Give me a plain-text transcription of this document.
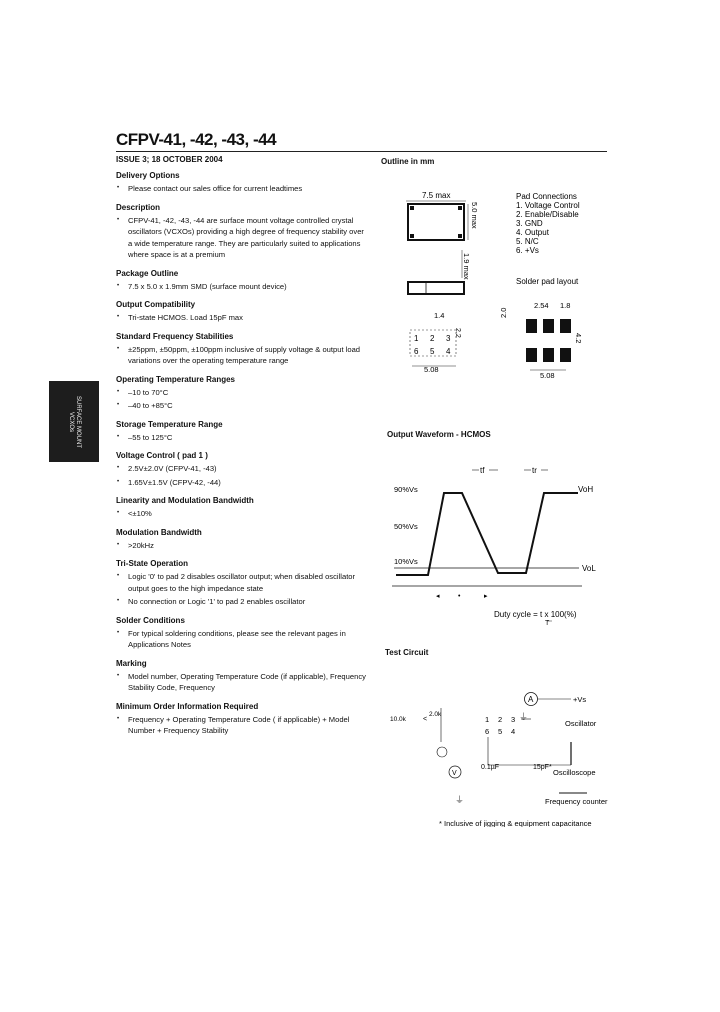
CFPV-41, -42, -43, -44
ISSUE 3; 18 OCTOBER 2004
SURFACE MOUNT
VCXOs
Delivery Options
• Please contact our sales office for current leadtimes
Description
• CFPV-41, -42, -43, -44 are surface mount voltage controlled crystal oscillators (VCXOs) providing a high degree of frequency stability over a wide temperature range. They are particularly suited to applications where space is at a premium
Package Outline
• 7.5 x 5.0 x 1.9mm SMD (surface mount device)
Output Compatibility
• Tri-state HCMOS. Load 15pF max
Standard Frequency Stabilities
• ±25ppm, ±50ppm, ±100ppm inclusive of supply voltage & output load variations over the operating temperature range
Operating Temperature Ranges
• –10 to 70°C
• –40 to +85°C
Storage Temperature Range
• –55 to 125°C
Voltage Control ( pad 1 )
• 2.5V±2.0V (CFPV-41, -43)
• 1.65V±1.5V (CFPV-42, -44)
Linearity and Modulation Bandwidth
• <±10%
Modulation Bandwidth
• >20kHz
Tri-State Operation
• Logic '0' to pad 2 disables oscillator output; when disabled oscillator output goes to the high impedance state
• No connection or Logic '1' to pad 2 enables oscillator
Solder Conditions
• For typical soldering conditions, please see the relevant pages in Applications Notes
Marking
• Model number, Operating Temperature Code (if applicable), Frequency Stability Code, Frequency
Minimum Order Information Required
• Frequency + Operating Temperature Code ( if applicable) + Model Number + Frequency Stability
Outline in mm
Output Waveform - HCMOS
Test Circuit
7.5 max
5.0 max
1.9 max
1.4
2.2
1 2 3
6 5 4
5.08
Pad Connections
1. Voltage Control
2. Enable/Disable
3. GND
4. Output
5. N/C
6. +Vs
Solder pad layout
2.54 1.8
2.0
4.2
5.08
tf	tr
90%Vs
50%Vs
10%Vs
VoH
VoL
◂	•	▸
Duty cycle = t x 100(%)
T
A	+Vs
2.0k
10.0k <	1 2 3
6 5 4
⏚
Oscillator
V
0.1µF	15pF*
Oscilloscope
⏚	Frequency counter
* Inclusive of jigging & equipment capacitance
